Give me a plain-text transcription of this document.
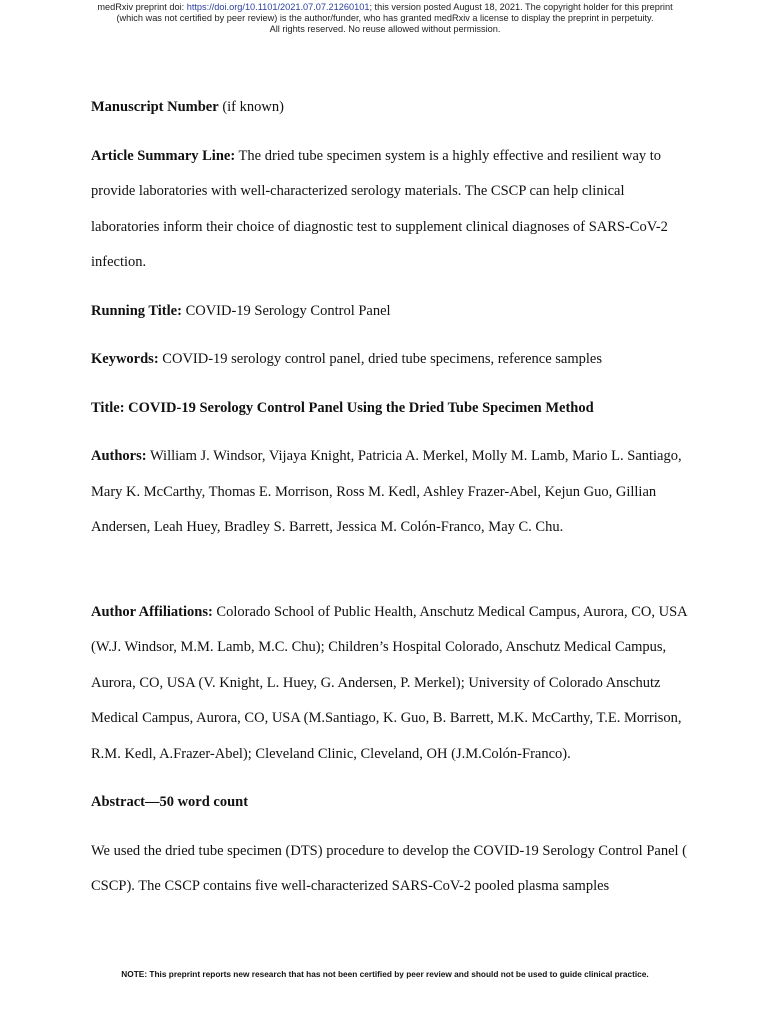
medRxiv preprint doi: https://doi.org/10.1101/2021.07.07.21260101; this version posted August 18, 2021. The copyright holder for this preprint
(which was not certified by peer review) is the author/funder, who has granted medRxiv a license to display the preprint in perpetuity.
All rights reserved. No reuse allowed without permission.

Manuscript Number (if known)

Article Summary Line: The dried tube specimen system is a highly effective and resilient way to provide laboratories with well-characterized serology materials. The CSCP can help clinical laboratories inform their choice of diagnostic test to supplement clinical diagnoses of SARS-CoV-2 infection.

Running Title: COVID-19 Serology Control Panel

Keywords: COVID-19 serology control panel, dried tube specimens, reference samples

Title: COVID-19 Serology Control Panel Using the Dried Tube Specimen Method

Authors: William J. Windsor, Vijaya Knight, Patricia A. Merkel, Molly M. Lamb, Mario L. Santiago, Mary K. McCarthy, Thomas E. Morrison, Ross M. Kedl, Ashley Frazer-Abel, Kejun Guo, Gillian Andersen, Leah Huey, Bradley S. Barrett, Jessica M. Colón-Franco, May C. Chu.

Author Affiliations: Colorado School of Public Health, Anschutz Medical Campus, Aurora, CO, USA (W.J. Windsor, M.M. Lamb, M.C. Chu); Children’s Hospital Colorado, Anschutz Medical Campus, Aurora, CO, USA (V. Knight, L. Huey, G. Andersen, P. Merkel); University of Colorado Anschutz Medical Campus, Aurora, CO, USA (M.Santiago, K. Guo, B. Barrett, M.K. McCarthy, T.E. Morrison, R.M. Kedl, A.Frazer-Abel); Cleveland Clinic, Cleveland, OH (J.M.Colón-Franco).

Abstract—50 word count

We used the dried tube specimen (DTS) procedure to develop the COVID-19 Serology Control Panel ( CSCP). The CSCP contains five well-characterized SARS-CoV-2 pooled plasma samples

NOTE: This preprint reports new research that has not been certified by peer review and should not be used to guide clinical practice.
